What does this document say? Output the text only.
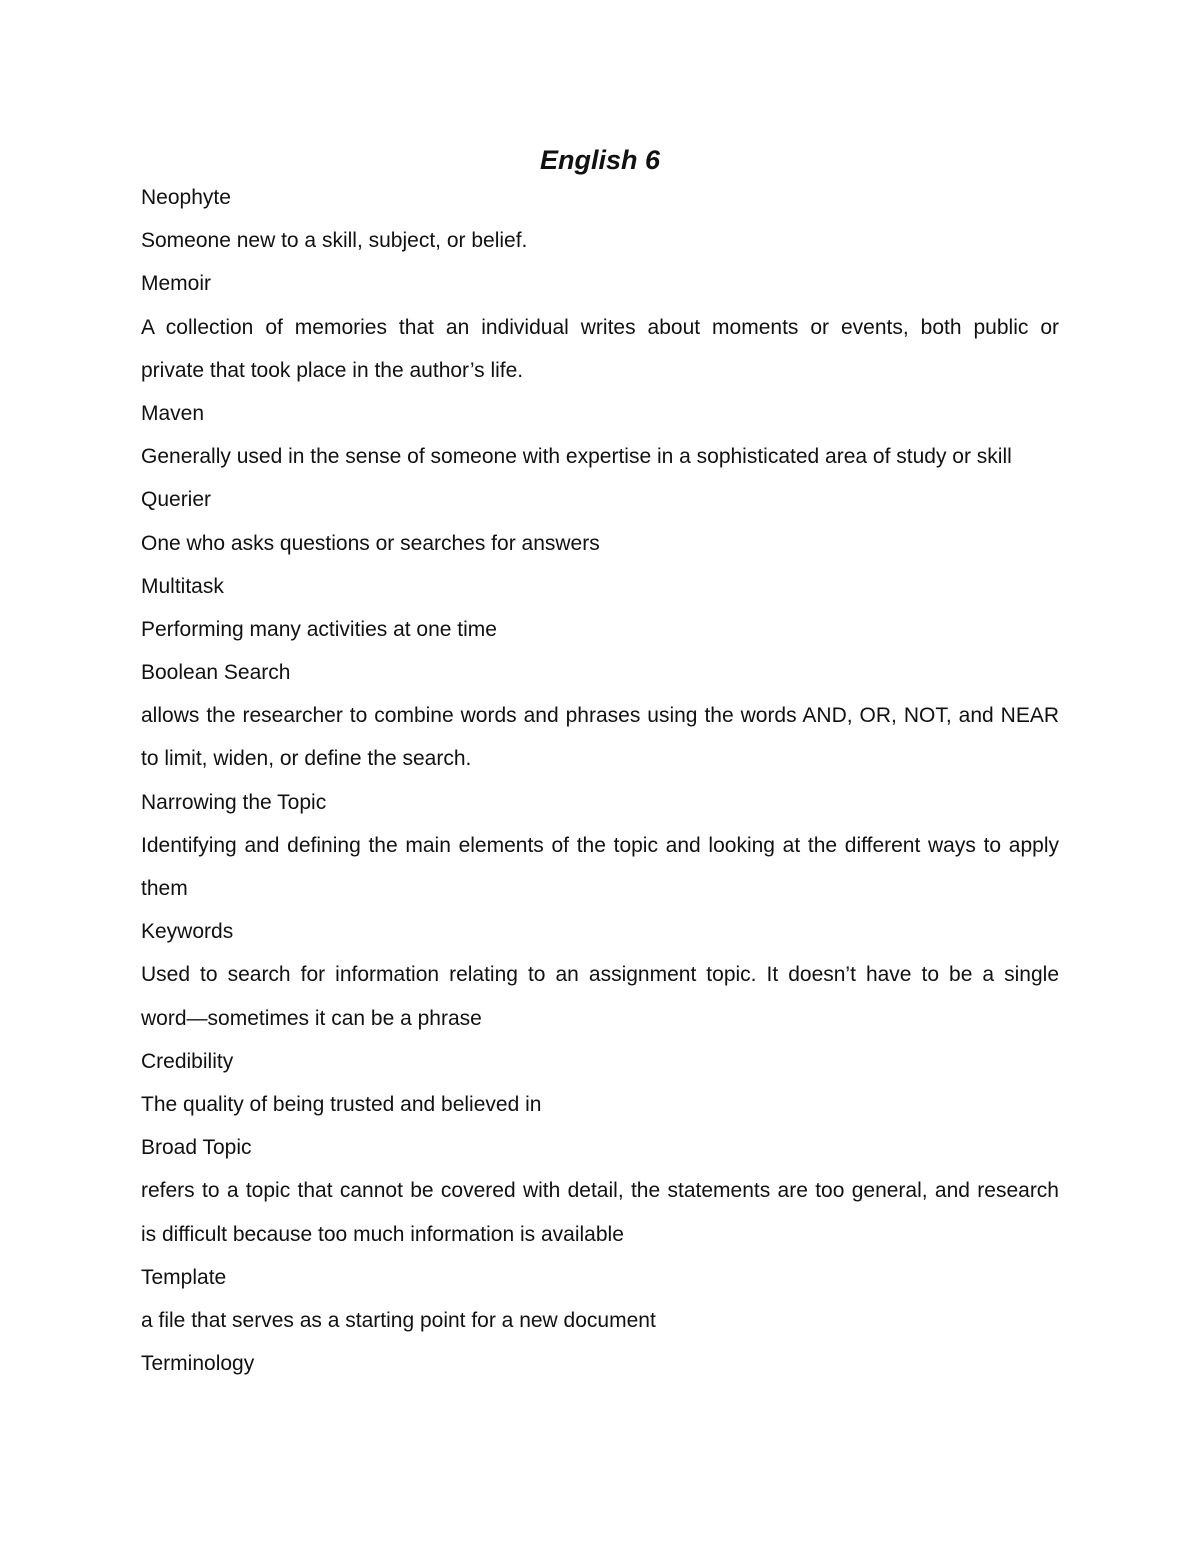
English 6
Neophyte
Someone new to a skill, subject, or belief.
Memoir
A collection of memories that an individual writes about moments or events, both public or
private that took place in the author’s life.
Maven
Generally used in the sense of someone with expertise in a sophisticated area of study or skill
Querier
One who asks questions or searches for answers
Multitask
Performing many activities at one time
Boolean Search
allows the researcher to combine words and phrases using the words AND, OR, NOT, and NEAR
to limit, widen, or define the search.
Narrowing the Topic
Identifying and defining the main elements of the topic and looking at the different ways to apply
them
Keywords
Used to search for information relating to an assignment topic. It doesn’t have to be a single
word—sometimes it can be a phrase
Credibility
The quality of being trusted and believed in
Broad Topic
refers to a topic that cannot be covered with detail, the statements are too general, and research
is difficult because too much information is available
Template
a file that serves as a starting point for a new document
Terminology
